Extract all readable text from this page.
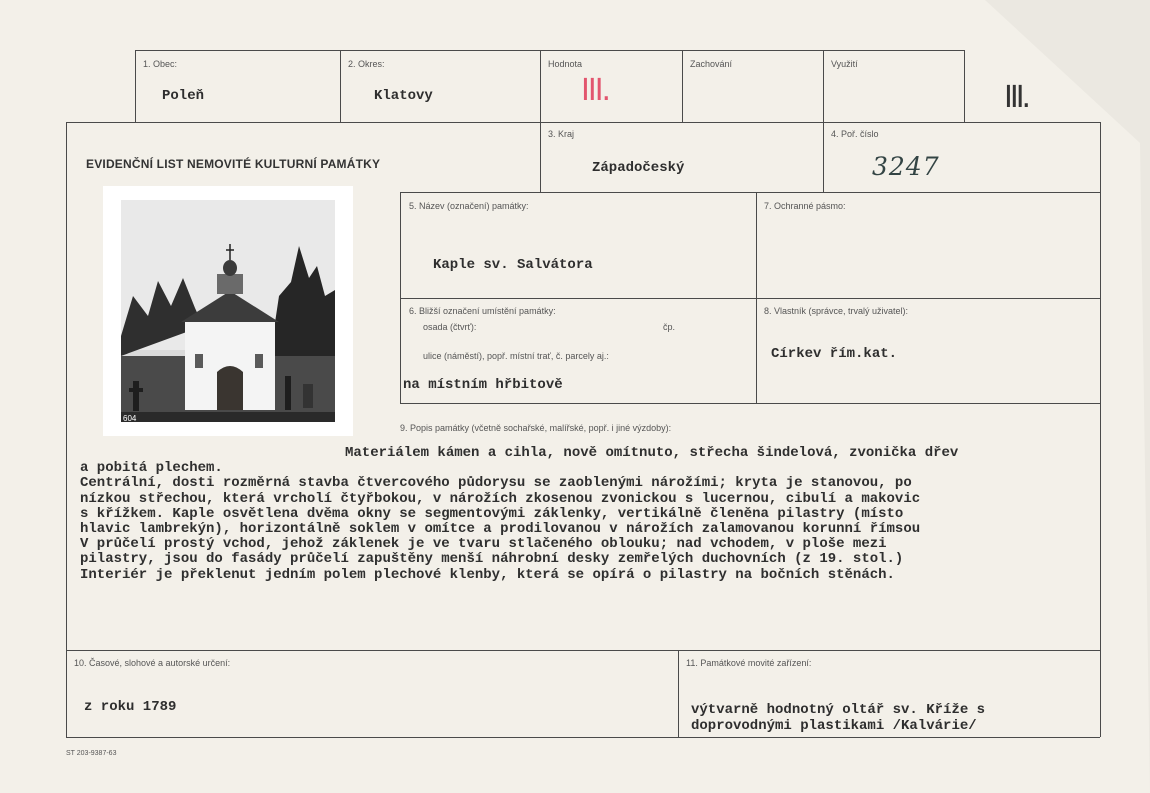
1. Obec:
Poleň
2. Okres:
Klatovy
Hodnota
III.
Zachování	Využití
III.
EVIDENČNÍ LIST NEMOVITÉ KULTURNÍ PAMÁTKY
3. Kraj
Západočeský
4. Poř. číslo
3247
604
5. Název (označení) památky:
Kaple sv. Salvátora
7. Ochranné pásmo:
6. Bližší označení umístění památky:
osada (čtvrť):	čp.
ulice (náměstí), popř. místní trať, č. parcely aj.:
na místním hřbitově
8. Vlastník (správce, trvalý uživatel):
Církev řím.kat.
9. Popis památky (včetně sochařské, malířské, popř. i jiné výzdoby):
Materiálem kámen a cihla, nově omítnuto, střecha šindelová, zvonička dřev
a pobitá plechem.
Centrální, dosti rozměrná stavba čtvercového půdorysu se zaoblenými nárožími; kryta je stanovou, po
nízkou střechou, která vrcholí čtyřbokou, v nárožích zkosenou zvonickou s lucernou, cibulí a makovic
s křížkem. Kaple osvětlena dvěma okny se segmentovými záklenky, vertikálně členěna pilastry (místo
hlavic lambrekýn), horizontálně soklem v omítce a prodilovanou v nárožích zalamovanou korunní římsou
V průčelí prostý vchod, jehož záklenek je ve tvaru stlačeného oblouku; nad vchodem, v ploše mezi
pilastry, jsou do fasády průčelí zapuštěny menší náhrobní desky zemřelých duchovních (z 19. stol.)
Interiér je překlenut jedním polem plechové klenby, která se opírá o pilastry na bočních stěnách.
10. Časové, slohové a autorské určení:
z roku 1789
11. Památkové movité zařízení:
výtvarně hodnotný oltář sv. Kříže s
doprovodnými plastikami /Kalvárie/
ST 203-9387-63
